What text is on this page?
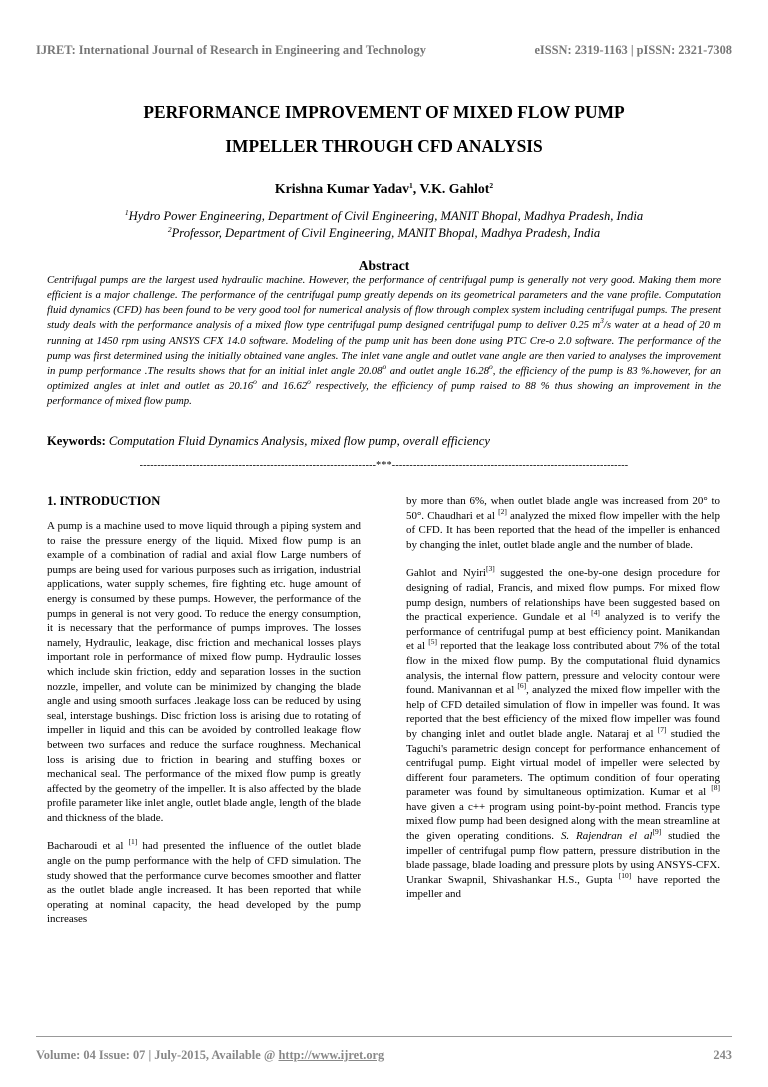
IJRET: International Journal of Research in Engineering and Technology	eISSN: 2319-1163 | pISSN: 2321-7308
PERFORMANCE IMPROVEMENT OF MIXED FLOW PUMP
IMPELLER THROUGH CFD ANALYSIS
Krishna Kumar Yadav$^1$, V.K. Gahlot$^2$
$^1$Hydro Power Engineering, Department of Civil Engineering, MANIT Bhopal, Madhya Pradesh, India
$^2$Professor, Department of Civil Engineering, MANIT Bhopal, Madhya Pradesh, India
Abstract
Centrifugal pumps are the largest used hydraulic machine. However, the performance of centrifugal pump is generally not very good. Making them more efficient is a major challenge. The performance of the centrifugal pump greatly depends on its geometrical parameters and the vane profile. Computation fluid dynamics (CFD) has been found to be very good tool for numerical analysis of flow through complex system including centrifugal pumps. The present study deals with the performance analysis of a mixed flow type centrifugal pump designed centrifugal pump to deliver 0.25 $m^3/s$ water at a head of 20 m running at 1450 rpm using ANSYS CFX 14.0 software. Modeling of the pump unit has been done using PTC Cre-o 2.0 software. The performance of the pump was first determined using the initially obtained vane angles. The inlet vane angle and outlet vane angle are then varied to analyses the improvement in pump performance .The results shows that for an initial inlet angle 20.08$^o$ and outlet angle 16.28$^o$, the efficiency of the pump is 83 %.however, for an optimized angles at inlet and outlet as 20.16$^o$ and 16.62$^o$ respectively, the efficiency of pump raised to 88 % thus showing an improvement in the performance of mixed flow pump.
Keywords: Computation Fluid Dynamics Analysis, mixed flow pump, overall efficiency
-------------------------------------------------------------------***-------------------------------------------------------------------
1. INTRODUCTION

A pump is a machine used to move liquid through a piping system and to raise the pressure energy of the liquid. Mixed flow pump is an example of a combination of radial and axial flow Large numbers of pumps are being used for various purposes such as irrigation, industrial applications, water supply schemes, fire fighting etc. huge amount of energy is consumed by these pumps. However, the performance of the pumps in general is not very good. To reduce the energy consumption, it is necessary that the performance of pumps improves. The losses namely, Hydraulic, leakage, disc friction and mechanical losses plays important role in performance of mixed flow pump. Hydraulic losses which include skin friction, eddy and separation losses in the suction nozzle, impeller, and volute can be minimized by changing the blade angle and using smooth surfaces .leakage loss can be reduced by using seal, interstage bushings. Disc friction loss is arising due to rotating of impeller in liquid and this can be avoided by controlled leakage flow between two surfaces and reduce the surface roughness. Mechanical loss is arising due to friction in bearing and stuffing boxes or mechanical seal. The performance of the mixed flow pump is greatly affected by the geometry of the impeller. It is also affected by the blade profile parameter like inlet angle, outlet blade angle, length of the blade and thickness of the blade.

Bacharoudi et al [1] had presented the influence of the outlet blade angle on the pump performance with the help of CFD simulation. The study showed that the performance curve becomes smoother and flatter as the outlet blade angle increased. It has been reported that while operating at nominal capacity, the head developed by the pump increases

by more than 6%, when outlet blade angle was increased from 20° to 50°. Chaudhari et al [2] analyzed the mixed flow impeller with the help of CFD. It has been reported that the head of the impeller is enhanced by changing the inlet, outlet blade angle and the number of blade.

Gahlot and Nyiri[3] suggested the one-by-one design procedure for designing of radial, Francis, and mixed flow pumps. For mixed flow pump design, numbers of relationships have been suggested based on the practical experience. Gundale et al [4] analyzed is to verify the performance of centrifugal pump at best efficiency point. Manikandan et al [5] reported that the leakage loss contributed about 7% of the total flow in the mixed flow pump. By the computational fluid dynamics analysis, the internal flow pattern, pressure and velocity contour were found. Manivannan et al [6], analyzed the mixed flow impeller with the help of CFD detailed simulation of flow in impeller was found. It was reported that the best efficiency of the mixed flow impeller was found by changing inlet and outlet blade angle. Nataraj et al [7] studied the Taguchi's parametric design concept for performance enhancement of centrifugal pump. Eight virtual model of impeller were selected by different four parameters. The optimum condition of four operating parameter was found by simultaneous optimization. Kumar et al [8] have given a c++ program using point-by-point method. Francis type mixed flow pump had been designed along with the mean streamline at the given operating conditions. S. Rajendran el al[9] studied the impeller of centrifugal pump flow pattern, pressure distribution in the blade passage, blade loading and pressure plots by using ANSYS-CFX. Urankar Swapnil, Shivashankar H.S., Gupta [10] have reported the impeller and

Volume: 04 Issue: 07 | July-2015, Available @ http://www.ijret.org	243
